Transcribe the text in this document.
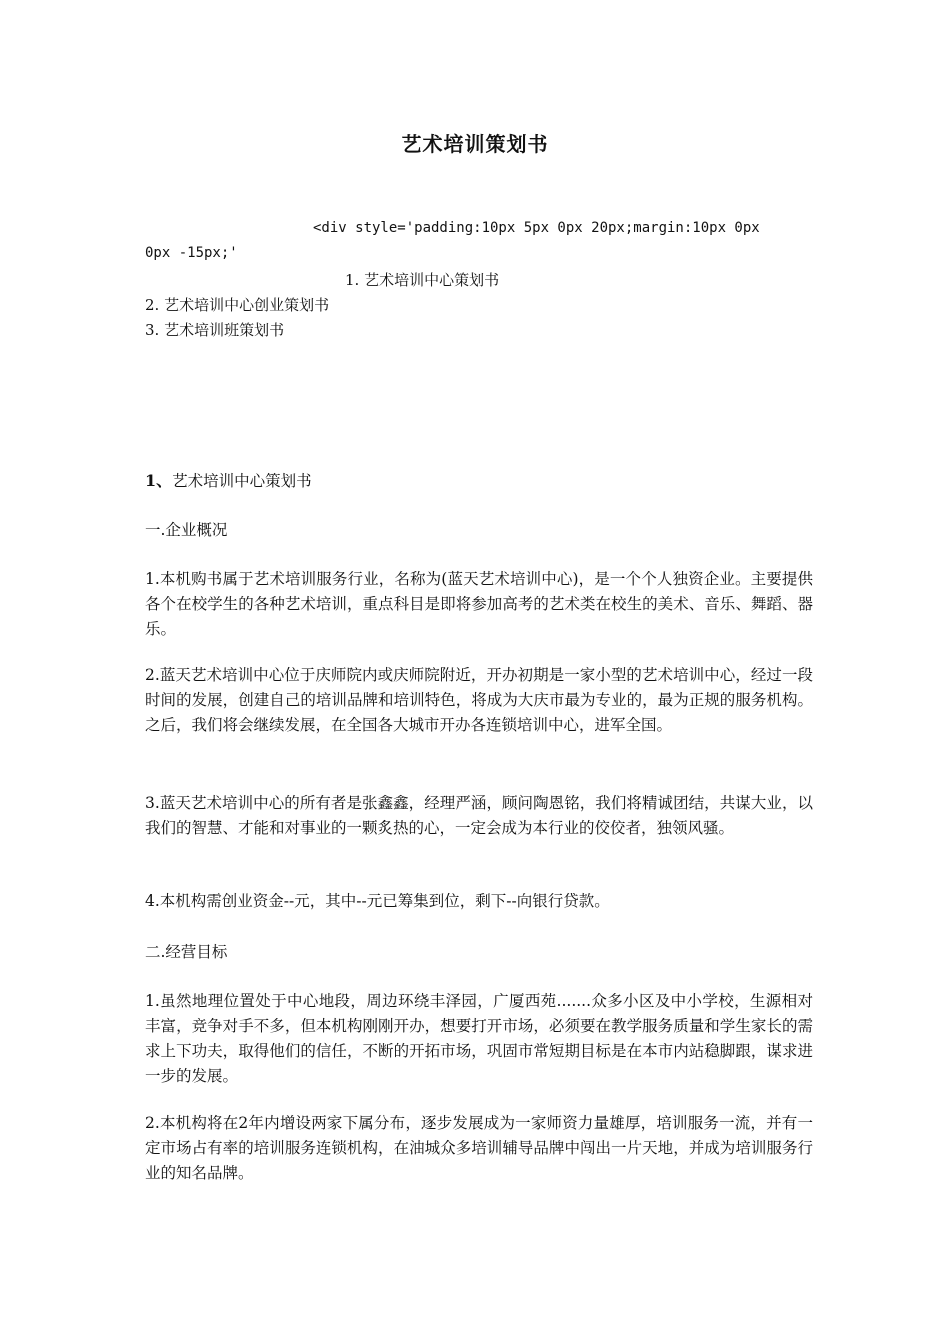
艺术培训策划书
<div style='padding:10px 5px 0px 20px;margin:10px 0px
0px -15px;'
1. 艺术培训中心策划书
2. 艺术培训中心创业策划书
3. 艺术培训班策划书
1、艺术培训中心策划书
一.企业概况
1.本机购书属于艺术培训服务行业，名称为(蓝天艺术培训中心)，是一个个人独资企业。主要提供各个在校学生的各种艺术培训，重点科目是即将参加高考的艺术类在校生的美术、音乐、舞蹈、器乐。
2.蓝天艺术培训中心位于庆师院内或庆师院附近，开办初期是一家小型的艺术培训中心，经过一段时间的发展，创建自己的培训品牌和培训特色，将成为大庆市最为专业的，最为正规的服务机构。之后，我们将会继续发展，在全国各大城市开办各连锁培训中心，进军全国。
3.蓝天艺术培训中心的所有者是张鑫鑫，经理严涵，顾问陶恩铭，我们将精诚团结，共谋大业，以我们的智慧、才能和对事业的一颗炙热的心，一定会成为本行业的佼佼者，独领风骚。
4.本机构需创业资金--元，其中--元已筹集到位，剩下--向银行贷款。
二.经营目标
1.虽然地理位置处于中心地段，周边环绕丰泽园，广厦西苑.......众多小区及中小学校，生源相对丰富，竞争对手不多，但本机构刚刚开办，想要打开市场，必须要在教学服务质量和学生家长的需求上下功夫，取得他们的信任，不断的开拓市场，巩固市常短期目标是在本市内站稳脚跟，谋求进一步的发展。
2.本机构将在2年内增设两家下属分布，逐步发展成为一家师资力量雄厚，培训服务一流，并有一定市场占有率的培训服务连锁机构，在油城众多培训辅导品牌中闯出一片天地，并成为培训服务行业的知名品牌。
